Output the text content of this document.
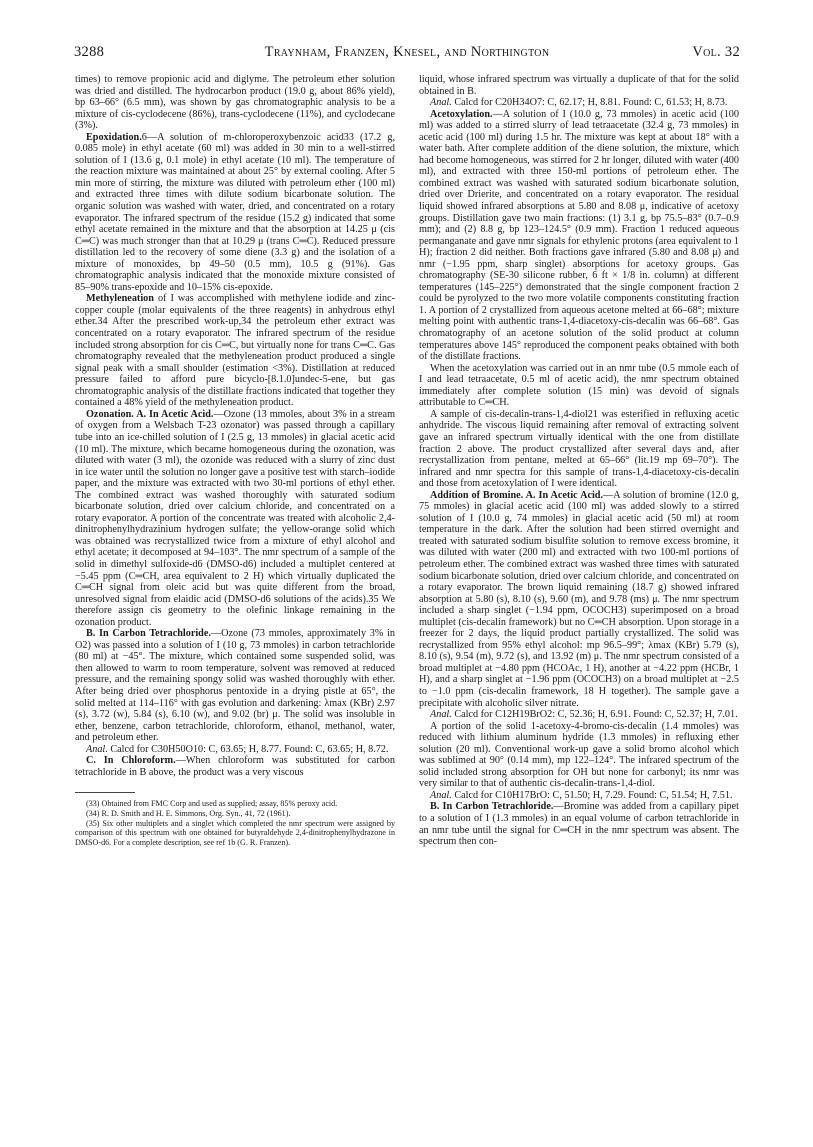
3288	Traynham, Franzen, Knesel, and Northington	Vol. 32

times) to remove propionic acid and diglyme. The petroleum ether solution was dried and distilled. The hydrocarbon product (19.0 g, about 86% yield), bp 63–66° (6.5 mm), was shown by gas chromatographic analysis to be a mixture of cis-cyclodecene (86%), trans-cyclodecene (11%), and cyclodecane (3%).

Epoxidation.6—A solution of m-chloroperoxybenzoic acid33 (17.2 g, 0.085 mole) in ethyl acetate (60 ml) was added in 30 min to a well-stirred solution of I (13.6 g, 0.1 mole) in ethyl acetate (10 ml). The temperature of the reaction mixture was maintained at about 25° by external cooling. After 5 min more of stirring, the mixture was diluted with petroleum ether (100 ml) and extracted three times with dilute sodium bicarbonate solution. The organic solution was washed with water, dried, and concentrated on a rotary evaporator. The infrared spectrum of the residue (15.2 g) indicated that some ethyl acetate remained in the mixture and that the absorption at 14.25 μ (cis C═C) was much stronger than that at 10.29 μ (trans C═C). Reduced pressure distillation led to the recovery of some diene (3.3 g) and the isolation of a mixture of monoxides, bp 49–50 (0.5 mm), 10.5 g (91%). Gas chromatographic analysis indicated that the monoxide mixture consisted of 85–90% trans-epoxide and 10–15% cis-epoxide.

Methyleneation of I was accomplished with methylene iodide and zinc-copper couple (molar equivalents of the three reagents) in anhydrous ethyl ether.34 After the prescribed work-up,34 the petroleum ether extract was concentrated on a rotary evaporator. The infrared spectrum of the residue included strong absorption for cis C═C, but virtually none for trans C═C. Gas chromatography revealed that the methyleneation product produced a single signal peak with a small shoulder (estimation <3%). Distillation at reduced pressure failed to afford pure bicyclo-[8.1.0]undec-5-ene, but gas chromatographic analysis of the distillate fractions indicated that together they contained a 48% yield of the methyleneation product.

Ozonation. A. In Acetic Acid.—Ozone (13 mmoles, about 3% in a stream of oxygen from a Welsbach T-23 ozonator) was passed through a capillary tube into an ice-chilled solution of I (2.5 g, 13 mmoles) in glacial acetic acid (10 ml). The mixture, which became homogeneous during the ozonation, was diluted with water (3 ml), the ozonide was reduced with a slurry of zinc dust in ice water until the solution no longer gave a positive test with starch–iodide paper, and the mixture was extracted with two 30-ml portions of ethyl ether. The combined extract was washed thoroughly with saturated sodium bicarbonate solution, dried over calcium chloride, and concentrated on a rotary evaporator. A portion of the concentrate was treated with alcoholic 2,4-dinitrophenylhydrazinium hydrogen sulfate; the yellow-orange solid which was obtained was recrystallized twice from a mixture of ethyl alcohol and ethyl acetate; it decomposed at 94–103°. The nmr spectrum of a sample of the solid in dimethyl sulfoxide-d6 (DMSO-d6) included a multiplet centered at −5.45 ppm (C═CH, area equivalent to 2 H) which virtually duplicated the C═CH signal from oleic acid but was quite different from the broad, unresolved signal from elaidic acid (DMSO-d6 solutions of the acids).35 We therefore assign cis geometry to the olefinic linkage remaining in the ozonation product.

B. In Carbon Tetrachloride.—Ozone (73 mmoles, approximately 3% in O2) was passed into a solution of I (10 g, 73 mmoles) in carbon tetrachloride (80 ml) at −45°. The mixture, which contained some suspended solid, was then allowed to warm to room temperature, solvent was removed at reduced pressure, and the remaining spongy solid was washed thoroughly with ether. After being dried over phosphorus pentoxide in a drying pistle at 65°, the solid melted at 114–116° with gas evolution and darkening: λmax (KBr) 2.97 (s), 3.72 (w), 5.84 (s), 6.10 (w), and 9.02 (br) μ. The solid was insoluble in ether, benzene, carbon tetrachloride, chloroform, ethanol, methanol, water, and petroleum ether.

Anal. Calcd for C30H50O10: C, 63.65; H, 8.77. Found: C, 63.65; H, 8.72.

C. In Chloroform.—When chloroform was substituted for carbon tetrachloride in B above, the product was a very viscous

(33) Obtained from FMC Corp and used as supplied; assay, 85% peroxy acid.

(34) R. D. Smith and H. E. Simmons, Org. Syn., 41, 72 (1961).

(35) Six other multiplets and a singlet which completed the nmr spectrum were assigned by comparison of this spectrum with one obtained for butyraldehyde 2,4-dinitrophenylhydrazone in DMSO-d6. For a complete description, see ref 1b (G. R. Franzen).

liquid, whose infrared spectrum was virtually a duplicate of that for the solid obtained in B.

Anal. Calcd for C20H34O7: C, 62.17; H, 8.81. Found: C, 61.53; H, 8.73.

Acetoxylation.—A solution of I (10.0 g, 73 mmoles) in acetic acid (100 ml) was added to a stirred slurry of lead tetraacetate (32.4 g, 73 mmoles) in acetic acid (100 ml) during 1.5 hr. The mixture was kept at about 18° with a water bath. After complete addition of the diene solution, the mixture, which had become homogeneous, was stirred for 2 hr longer, diluted with water (400 ml), and extracted with three 150-ml portions of petroleum ether. The combined extract was washed with saturated sodium bicarbonate solution, dried over Drierite, and concentrated on a rotary evaporator. The residual liquid showed infrared absorptions at 5.80 and 8.08 μ, indicative of acetoxy groups. Distillation gave two main fractions: (1) 3.1 g, bp 75.5–83° (0.7–0.9 mm); and (2) 8.8 g, bp 123–124.5° (0.9 mm). Fraction 1 reduced aqueous permanganate and gave nmr signals for ethylenic protons (area equivalent to 1 H); fraction 2 did neither. Both fractions gave infrared (5.80 and 8.08 μ) and nmr (−1.95 ppm, sharp singlet) absorptions for acetoxy groups. Gas chromatography (SE-30 silicone rubber, 6 ft × 1/8 in. column) at different temperatures (145–225°) demonstrated that the single component fraction 2 could be pyrolyzed to the two more volatile components constituting fraction 1. A portion of 2 crystallized from aqueous acetone melted at 66–68°; mixture melting point with authentic trans-1,4-diacetoxy-cis-decalin was 66–68°. Gas chromatography of an acetone solution of the solid product at column temperatures above 145° reproduced the component peaks obtained with both of the distillate fractions.

When the acetoxylation was carried out in an nmr tube (0.5 mmole each of I and lead tetraacetate, 0.5 ml of acetic acid), the nmr spectrum obtained immediately after complete solution (15 min) was devoid of signals attributable to C═CH.

A sample of cis-decalin-trans-1,4-diol21 was esterified in refluxing acetic anhydride. The viscous liquid remaining after removal of extracting solvent gave an infrared spectrum virtually identical with the one from distillate fraction 2 above. The product crystallized after several days and, after recrystallization from pentane, melted at 65–66° (lit.19 mp 69–70°). The infrared and nmr spectra for this sample of trans-1,4-diacetoxy-cis-decalin and those from acetoxylation of I were identical.

Addition of Bromine. A. In Acetic Acid.—A solution of bromine (12.0 g, 75 mmoles) in glacial acetic acid (100 ml) was added slowly to a stirred solution of I (10.0 g, 74 mmoles) in glacial acetic acid (50 ml) at room temperature in the dark. After the solution had been stirred overnight and treated with saturated sodium bisulfite solution to remove excess bromine, it was diluted with water (200 ml) and extracted with two 100-ml portions of petroleum ether. The combined extract was washed three times with saturated sodium bicarbonate solution, dried over calcium chloride, and concentrated on a rotary evaporator. The brown liquid remaining (18.7 g) showed infrared absorption at 5.80 (s), 8.10 (s), 9.60 (m), and 9.78 (ms) μ. The nmr spectrum included a sharp singlet (−1.94 ppm, OCOCH3) superimposed on a broad multiplet (cis-decalin framework) but no C═CH absorption. Upon storage in a freezer for 2 days, the liquid product partially crystallized. The solid was recrystallized from 95% ethyl alcohol: mp 96.5–99°; λmax (KBr) 5.79 (s), 8.10 (s), 9.54 (m), 9.72 (s), and 13.92 (m) μ. The nmr spectrum consisted of a broad multiplet at −4.80 ppm (HCOAc, 1 H), another at −4.22 ppm (HCBr, 1 H), and a sharp singlet at −1.96 ppm (OCOCH3) on a broad multiplet at −2.5 to −1.0 ppm (cis-decalin framework, 18 H together). The sample gave a precipitate with alcoholic silver nitrate.

Anal. Calcd for C12H19BrO2: C, 52.36; H, 6.91. Found: C, 52.37; H, 7.01.

A portion of the solid 1-acetoxy-4-bromo-cis-decalin (1.4 mmoles) was reduced with lithium aluminum hydride (1.3 mmoles) in refluxing ether solution (20 ml). Conventional work-up gave a solid bromo alcohol which was sublimed at 90° (0.14 mm), mp 122–124°. The infrared spectrum of the solid included strong absorption for OH but none for carbonyl; its nmr was very similar to that of authentic cis-decalin-trans-1,4-diol.

Anal. Calcd for C10H17BrO: C, 51.50; H, 7.29. Found: C, 51.54; H, 7.51.

B. In Carbon Tetrachloride.—Bromine was added from a capillary pipet to a solution of I (1.3 mmoles) in an equal volume of carbon tetrachloride in an nmr tube until the signal for C═CH in the nmr spectrum was absent. The spectrum then con-
